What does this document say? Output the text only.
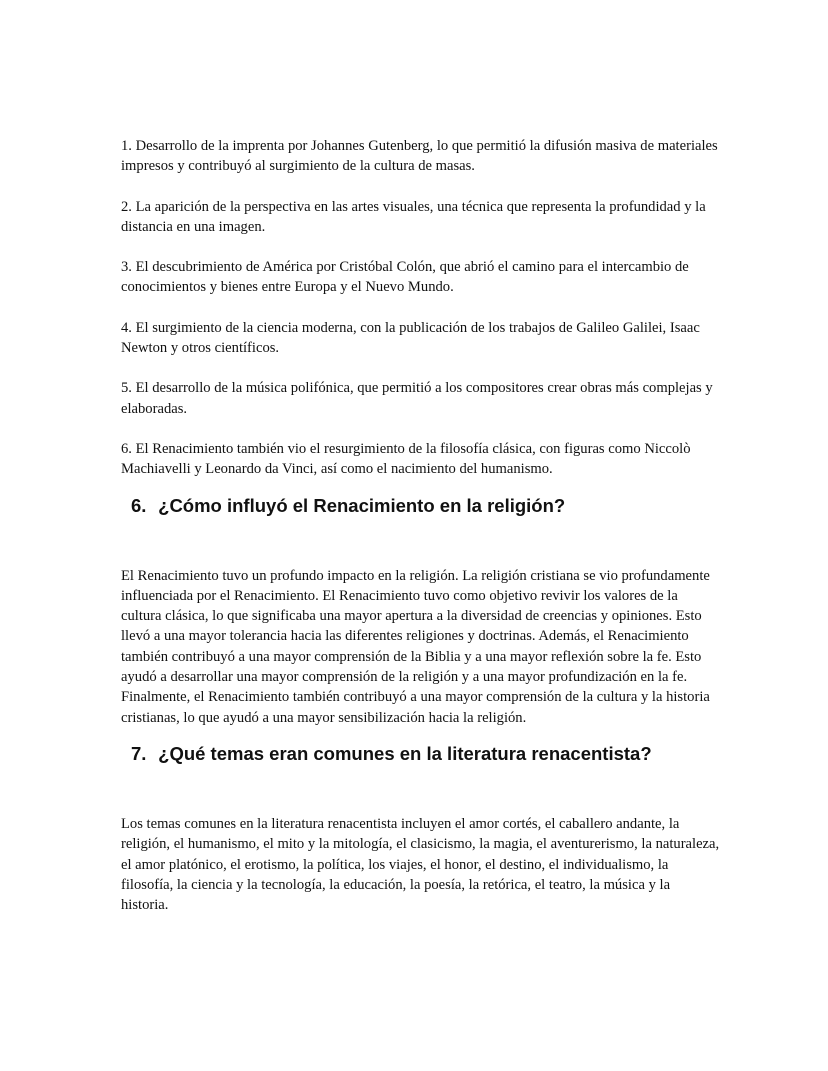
1. Desarrollo de la imprenta por Johannes Gutenberg, lo que permitió la difusión masiva de materiales impresos y contribuyó al surgimiento de la cultura de masas.

2. La aparición de la perspectiva en las artes visuales, una técnica que representa la profundidad y la distancia en una imagen.

3. El descubrimiento de América por Cristóbal Colón, que abrió el camino para el intercambio de conocimientos y bienes entre Europa y el Nuevo Mundo.

4. El surgimiento de la ciencia moderna, con la publicación de los trabajos de Galileo Galilei, Isaac Newton y otros científicos.

5. El desarrollo de la música polifónica, que permitió a los compositores crear obras más complejas y elaboradas.

6. El Renacimiento también vio el resurgimiento de la filosofía clásica, con figuras como Niccolò Machiavelli y Leonardo da Vinci, así como el nacimiento del humanismo.

6. ¿Cómo influyó el Renacimiento en la religión?

El Renacimiento tuvo un profundo impacto en la religión. La religión cristiana se vio profundamente influenciada por el Renacimiento. El Renacimiento tuvo como objetivo revivir los valores de la cultura clásica, lo que significaba una mayor apertura a la diversidad de creencias y opiniones. Esto llevó a una mayor tolerancia hacia las diferentes religiones y doctrinas. Además, el Renacimiento también contribuyó a una mayor comprensión de la Biblia y a una mayor reflexión sobre la fe. Esto ayudó a desarrollar una mayor comprensión de la religión y a una mayor profundización en la fe. Finalmente, el Renacimiento también contribuyó a una mayor comprensión de la cultura y la historia cristianas, lo que ayudó a una mayor sensibilización hacia la religión.

7. ¿Qué temas eran comunes en la literatura renacentista?

Los temas comunes en la literatura renacentista incluyen el amor cortés, el caballero andante, la religión, el humanismo, el mito y la mitología, el clasicismo, la magia, el aventurerismo, la naturaleza, el amor platónico, el erotismo, la política, los viajes, el honor, el destino, el individualismo, la filosofía, la ciencia y la tecnología, la educación, la poesía, la retórica, el teatro, la música y la historia.
